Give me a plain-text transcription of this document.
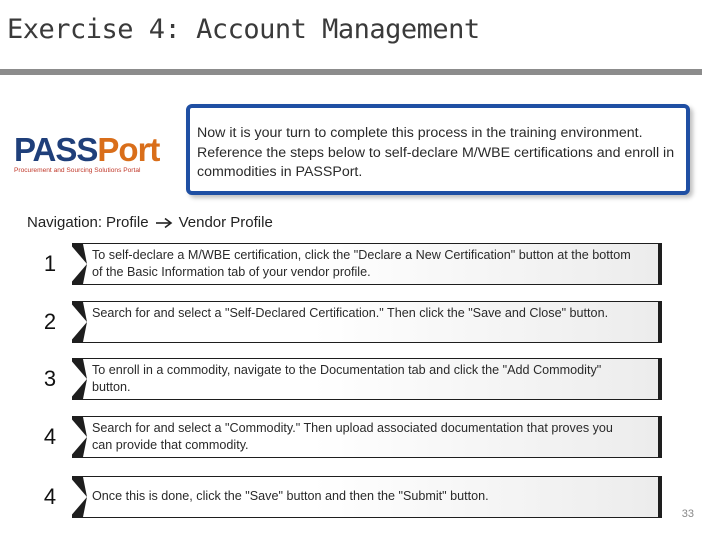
Exercise 4: Account Management
PASSPort
Procurement and Sourcing Solutions Portal
Now it is your turn to complete this process in the training environment. Reference the steps below to self-declare M/WBE certifications and enroll in commodities in PASSPort.
Navigation: Profile Vendor Profile
1	To self-declare a M/WBE certification, click the "Declare a New Certification" button at the bottom of the Basic Information tab of your vendor profile.
2	Search for and select a "Self-Declared Certification." Then click the "Save and Close" button.
3	To enroll in a commodity, navigate to the Documentation tab and click the "Add Commodity" button.
4	Search for and select a "Commodity." Then upload associated documentation that proves you can provide that commodity.
4	Once this is done, click the "Save" button and then the "Submit" button.
33
